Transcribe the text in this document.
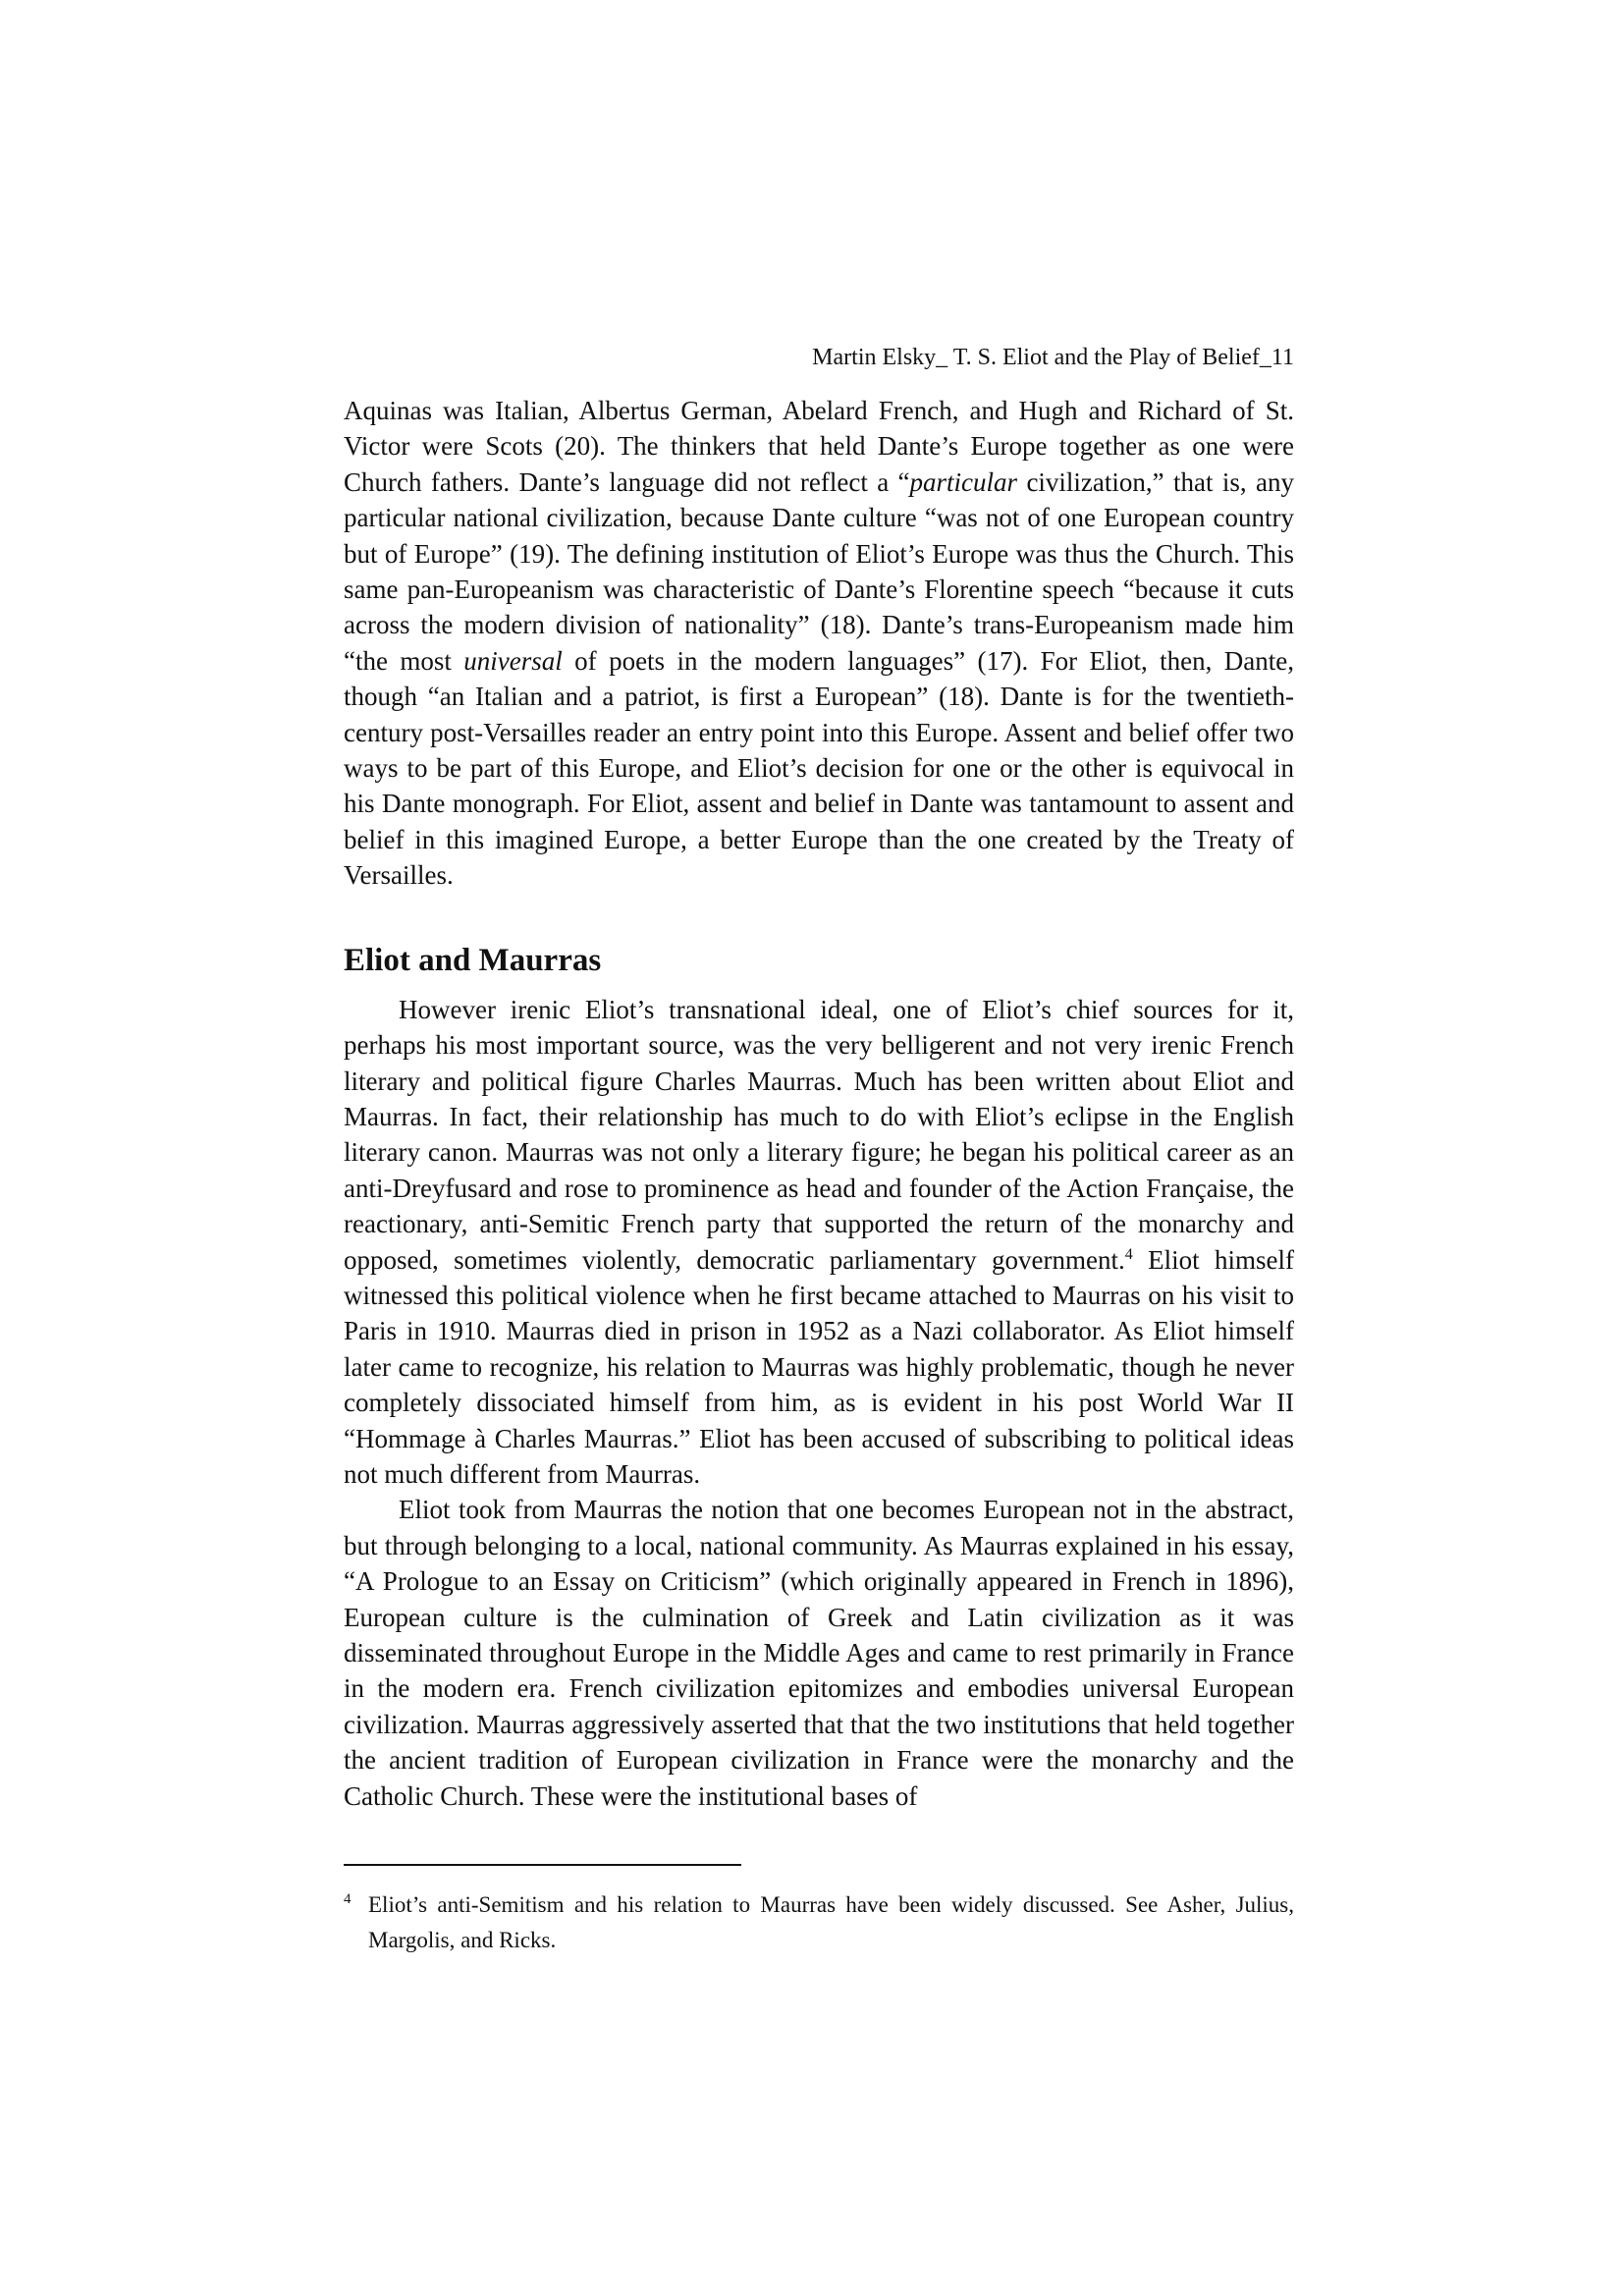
Martin Elsky_ T. S. Eliot and the Play of Belief_11

Aquinas was Italian, Albertus German, Abelard French, and Hugh and Richard of St. Victor were Scots (20). The thinkers that held Dante’s Europe together as one were Church fathers. Dante’s language did not reflect a “particular civilization,” that is, any particular national civilization, because Dante culture “was not of one European country but of Europe” (19). The defining institution of Eliot’s Europe was thus the Church. This same pan-Europeanism was characteristic of Dante’s Florentine speech “because it cuts across the modern division of nationality” (18). Dante’s trans-Europeanism made him “the most universal of poets in the modern languages” (17). For Eliot, then, Dante, though “an Italian and a patriot, is first a European” (18). Dante is for the twentieth-century post-Versailles reader an entry point into this Europe. Assent and belief offer two ways to be part of this Europe, and Eliot’s decision for one or the other is equivocal in his Dante monograph. For Eliot, assent and belief in Dante was tantamount to assent and belief in this imagined Europe, a better Europe than the one created by the Treaty of Versailles.

Eliot and Maurras

However irenic Eliot’s transnational ideal, one of Eliot’s chief sources for it, perhaps his most important source, was the very belligerent and not very irenic French literary and political figure Charles Maurras. Much has been written about Eliot and Maurras. In fact, their relationship has much to do with Eliot’s eclipse in the English literary canon. Maurras was not only a literary figure; he began his political career as an anti-Dreyfusard and rose to prominence as head and founder of the Action Française, the reactionary, anti-Semitic French party that supported the return of the monarchy and opposed, sometimes violently, democratic parliamentary government.$^4$ Eliot himself witnessed this political violence when he first became attached to Maurras on his visit to Paris in 1910. Maurras died in prison in 1952 as a Nazi collaborator. As Eliot himself later came to recognize, his relation to Maurras was highly problematic, though he never completely dissociated himself from him, as is evident in his post World War II “Hommage à Charles Maurras.” Eliot has been accused of subscribing to political ideas not much different from Maurras.

Eliot took from Maurras the notion that one becomes European not in the abstract, but through belonging to a local, national community. As Maurras explained in his essay, “A Prologue to an Essay on Criticism” (which originally appeared in French in 1896), European culture is the culmination of Greek and Latin civilization as it was disseminated throughout Europe in the Middle Ages and came to rest primarily in France in the modern era. French civilization epitomizes and embodies universal European civilization. Maurras aggressively asserted that that the two institutions that held together the ancient tradition of European civilization in France were the monarchy and the Catholic Church. These were the institutional bases of

4 Eliot’s anti-Semitism and his relation to Maurras have been widely discussed. See Asher, Julius, Margolis, and Ricks.
